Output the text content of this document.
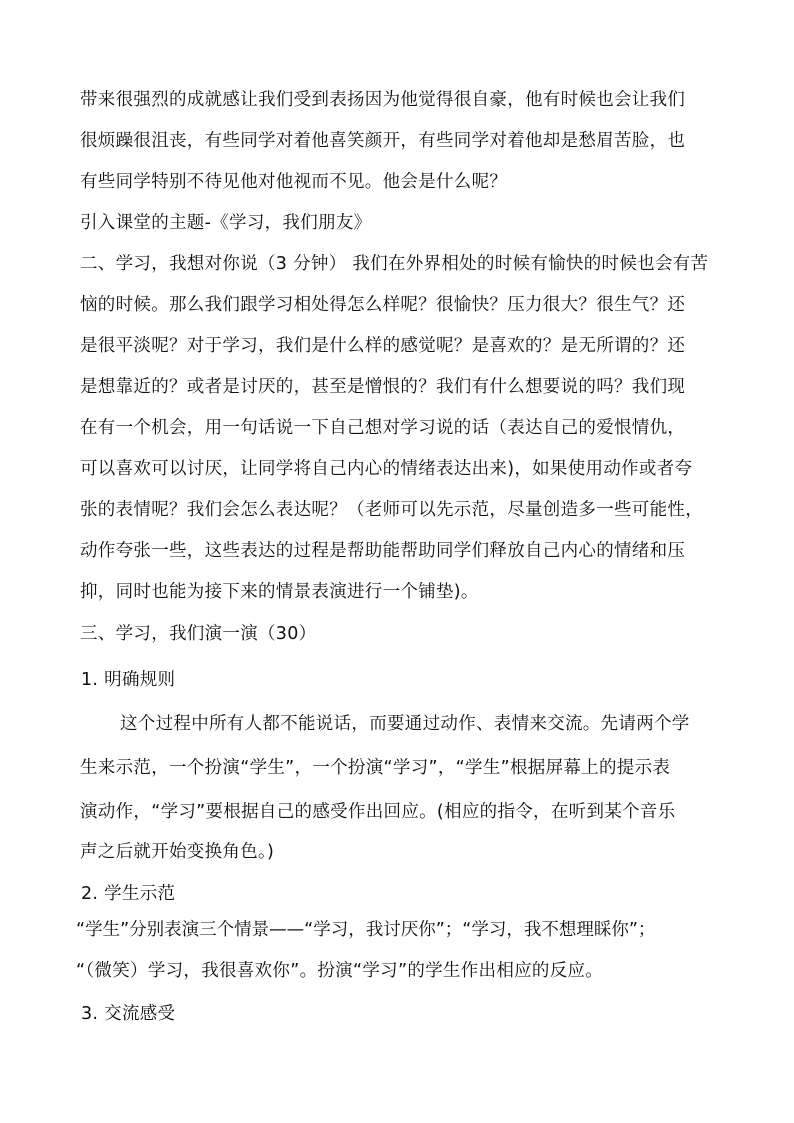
带来很强烈的成就感让我们受到表扬因为他觉得很自豪，他有时候也会让我们
很烦躁很沮丧，有些同学对着他喜笑颜开，有些同学对着他却是愁眉苦脸，也
有些同学特别不待见他对他视而不见。他会是什么呢？
引入课堂的主题-《学习，我们朋友》
二、学习，我想对你说（3 分钟） 我们在外界相处的时候有愉快的时候也会有苦
恼的时候。那么我们跟学习相处得怎么样呢？很愉快？压力很大？很生气？还
是很平淡呢？对于学习，我们是什么样的感觉呢？是喜欢的？是无所谓的？还
是想靠近的？或者是讨厌的，甚至是憎恨的？我们有什么想要说的吗？我们现
在有一个机会，用一句话说一下自己想对学习说的话（表达自己的爱恨情仇，
可以喜欢可以讨厌，让同学将自己内心的情绪表达出来)，如果使用动作或者夸
张的表情呢？我们会怎么表达呢？（老师可以先示范，尽量创造多一些可能性，
动作夸张一些，这些表达的过程是帮助能帮助同学们释放自己内心的情绪和压
抑，同时也能为接下来的情景表演进行一个铺垫)。
三、学习，我们演一演（30）
1. 明确规则
这个过程中所有人都不能说话，而要通过动作、表情来交流。先请两个学
生来示范，一个扮演“学生”，一个扮演“学习”，“学生”根据屏幕上的提示表
演动作，“学习”要根据自己的感受作出回应。(相应的指令，在听到某个音乐
声之后就开始变换角色。)
2. 学生示范
“学生”分别表演三个情景——“学习，我讨厌你”；“学习，我不想理睬你”；
“（微笑）学习，我很喜欢你”。扮演“学习”的学生作出相应的反应。
3. 交流感受
